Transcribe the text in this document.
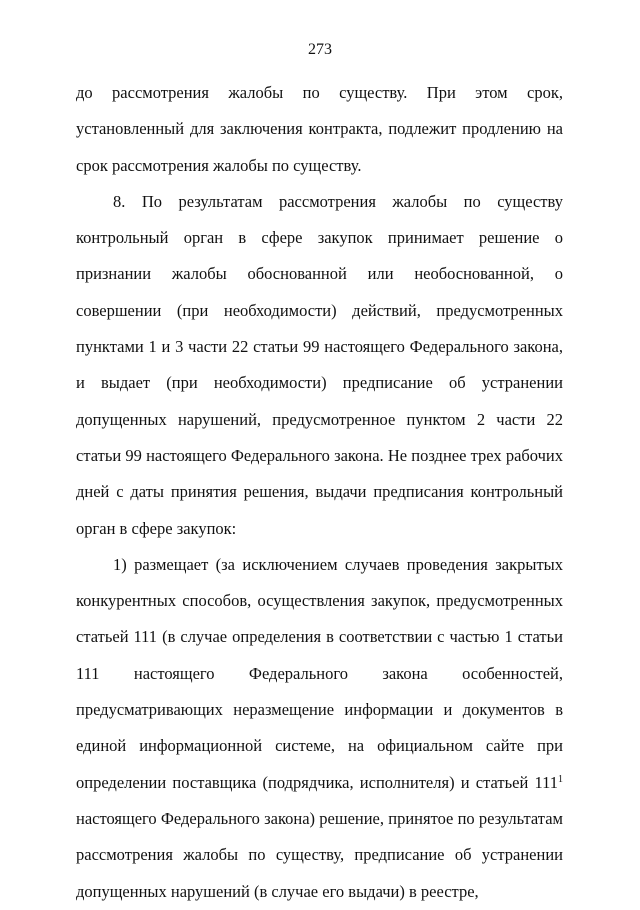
273

до рассмотрения жалобы по существу. При этом срок, установленный для заключения контракта, подлежит продлению на срок рассмотрения жалобы по существу.

8. По результатам рассмотрения жалобы по существу контрольный орган в сфере закупок принимает решение о признании жалобы обоснованной или необоснованной, о совершении (при необходимости) действий, предусмотренных пунктами 1 и 3 части 22 статьи 99 настоящего Федерального закона, и выдает (при необходимости) предписание об устранении допущенных нарушений, предусмотренное пунктом 2 части 22 статьи 99 настоящего Федерального закона. Не позднее трех рабочих дней с даты принятия решения, выдачи предписания контрольный орган в сфере закупок:

1) размещает (за исключением случаев проведения закрытых конкурентных способов, осуществления закупок, предусмотренных статьей 111 (в случае определения в соответствии с частью 1 статьи 111 настоящего Федерального закона особенностей, предусматривающих неразмещение информации и документов в единой информационной системе, на официальном сайте при определении поставщика (подрядчика, исполнителя) и статьей $111^1$ настоящего Федерального закона) решение, принятое по результатам рассмотрения жалобы по существу, предписание об устранении допущенных нарушений (в случае его выдачи) в реестре,
